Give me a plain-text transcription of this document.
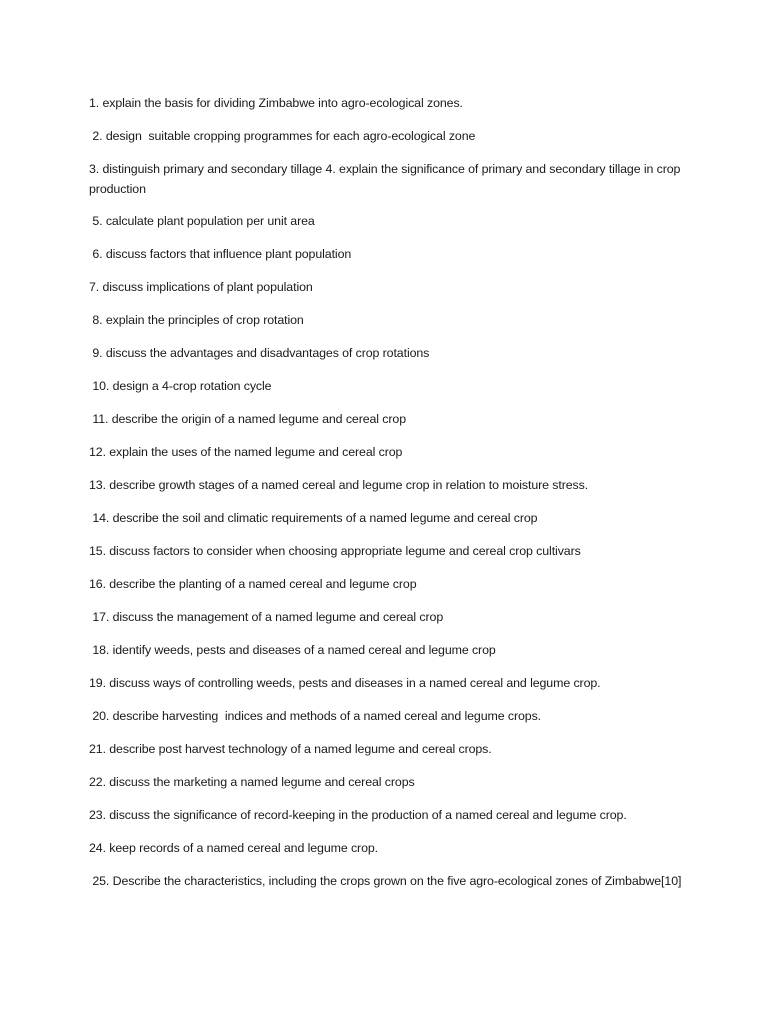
1. explain the basis for dividing Zimbabwe into agro-ecological zones.
2. design  suitable cropping programmes for each agro-ecological zone
3. distinguish primary and secondary tillage 4. explain the significance of primary and secondary tillage in crop production
5. calculate plant population per unit area
6. discuss factors that influence plant population
7. discuss implications of plant population
8. explain the principles of crop rotation
9. discuss the advantages and disadvantages of crop rotations
10. design a 4-crop rotation cycle
11. describe the origin of a named legume and cereal crop
12. explain the uses of the named legume and cereal crop
13. describe growth stages of a named cereal and legume crop in relation to moisture stress.
14. describe the soil and climatic requirements of a named legume and cereal crop
15. discuss factors to consider when choosing appropriate legume and cereal crop cultivars
16. describe the planting of a named cereal and legume crop
17. discuss the management of a named legume and cereal crop
18. identify weeds, pests and diseases of a named cereal and legume crop
19. discuss ways of controlling weeds, pests and diseases in a named cereal and legume crop.
20. describe harvesting  indices and methods of a named cereal and legume crops.
21. describe post harvest technology of a named legume and cereal crops.
22. discuss the marketing a named legume and cereal crops
23. discuss the significance of record-keeping in the production of a named cereal and legume crop.
24. keep records of a named cereal and legume crop.
25. Describe the characteristics, including the crops grown on the five agro-ecological zones of Zimbabwe[10]
